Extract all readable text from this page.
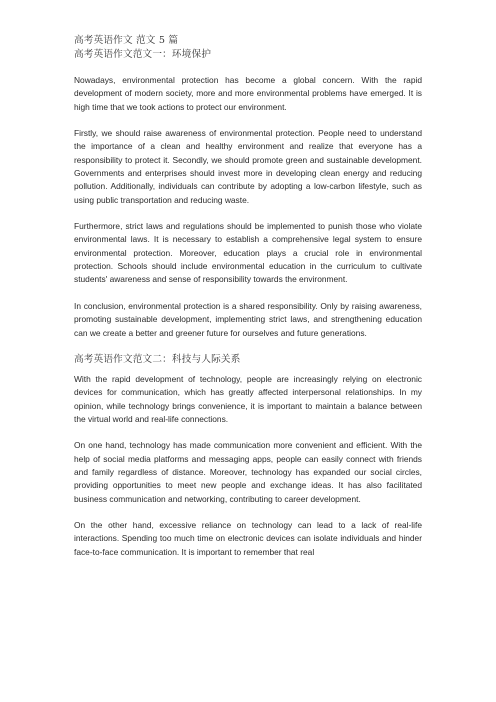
高考英语作文 范文 5 篇

高考英语作文范文一：环境保护

Nowadays, environmental protection has become a global concern. With the rapid development of modern society, more and more environmental problems have emerged. It is high time that we took actions to protect our environment.

Firstly, we should raise awareness of environmental protection. People need to understand the importance of a clean and healthy environment and realize that everyone has a responsibility to protect it. Secondly, we should promote green and sustainable development. Governments and enterprises should invest more in developing clean energy and reducing pollution. Additionally, individuals can contribute by adopting a low-carbon lifestyle, such as using public transportation and reducing waste.

Furthermore, strict laws and regulations should be implemented to punish those who violate environmental laws. It is necessary to establish a comprehensive legal system to ensure environmental protection. Moreover, education plays a crucial role in environmental protection. Schools should include environmental education in the curriculum to cultivate students' awareness and sense of responsibility towards the environment.

In conclusion, environmental protection is a shared responsibility. Only by raising awareness, promoting sustainable development, implementing strict laws, and strengthening education can we create a better and greener future for ourselves and future generations.

高考英语作文范文二：科技与人际关系

With the rapid development of technology, people are increasingly relying on electronic devices for communication, which has greatly affected interpersonal relationships. In my opinion, while technology brings convenience, it is important to maintain a balance between the virtual world and real-life connections.

On one hand, technology has made communication more convenient and efficient. With the help of social media platforms and messaging apps, people can easily connect with friends and family regardless of distance. Moreover, technology has expanded our social circles, providing opportunities to meet new people and exchange ideas. It has also facilitated business communication and networking, contributing to career development.

On the other hand, excessive reliance on technology can lead to a lack of real-life interactions. Spending too much time on electronic devices can isolate individuals and hinder face-to-face communication. It is important to remember that real
